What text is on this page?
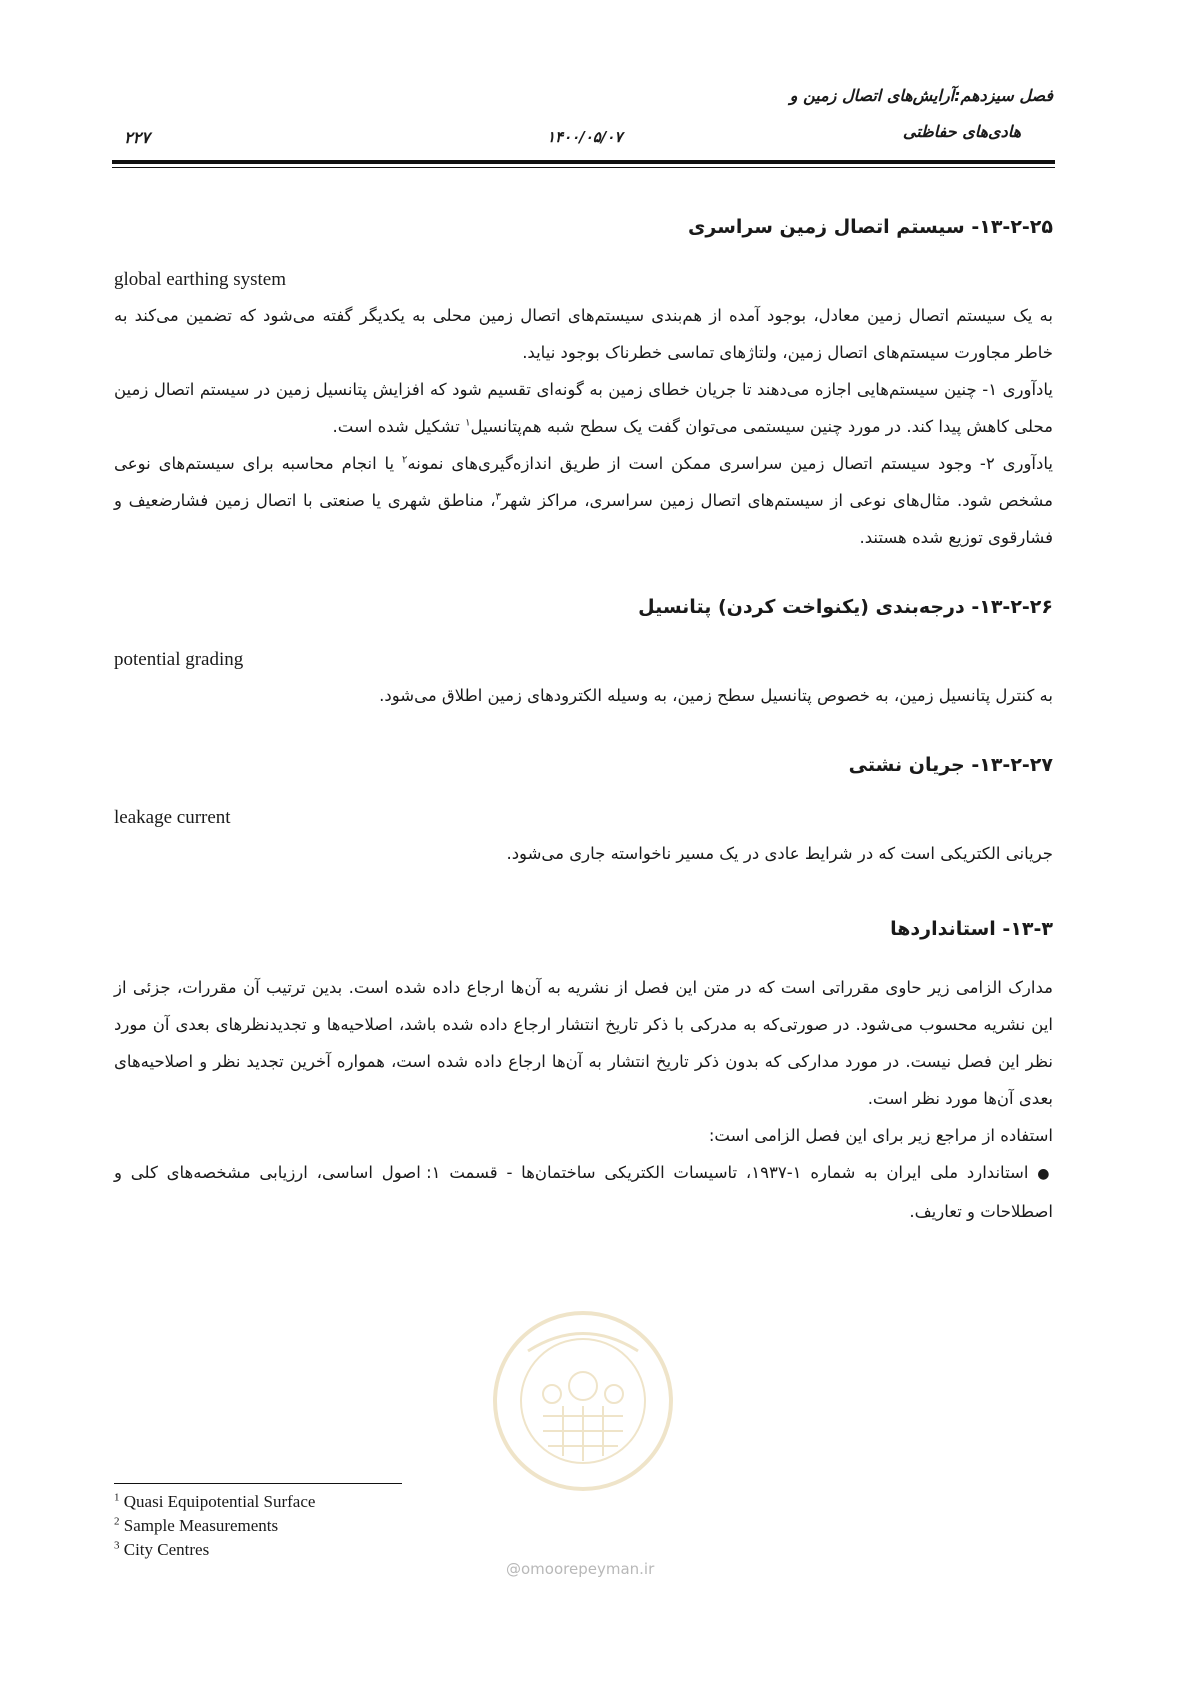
فصل سیزدهم:آرایش‌های اتصال زمین و
هادی‌های حفاظتی
۱۴۰۰/۰۵/۰۷
۲۲۷
۱۳-۲-۲۵- سیستم اتصال زمین سراسری
global earthing system

به یک سیستم اتصال زمین معادل، بوجود آمده از هم‌بندی سیستم‌های اتصال زمین محلی به یکدیگر گفته می‌شود که تضمین می‌کند به خاطر مجاورت سیستم‌های اتصال زمین، ولتاژهای تماسی خطرناک بوجود نیاید.

یادآوری ۱- چنین سیستم‌هایی اجازه می‌دهند تا جریان خطای زمین به گونه‌ای تقسیم شود که افزایش پتانسیل زمین در سیستم اتصال زمین محلی کاهش پیدا کند. در مورد چنین سیستمی می‌توان گفت یک سطح شبه هم‌پتانسیل$^۱$ تشکیل شده است.

یادآوری ۲- وجود سیستم اتصال زمین سراسری ممکن است از طریق اندازه‌گیری‌های نمونه$^۲$ یا انجام محاسبه برای سیستم‌های نوعی مشخص شود. مثال‌های نوعی از سیستم‌های اتصال زمین سراسری، مراکز شهر$^۳$، مناطق شهری یا صنعتی با اتصال زمین فشارضعیف و فشارقوی توزیع شده هستند.

۱۳-۲-۲۶- درجه‌بندی (یکنواخت کردن) پتانسیل
potential grading

به کنترل پتانسیل زمین، به خصوص پتانسیل سطح زمین، به وسیله الکترودهای زمین اطلاق می‌شود.

۱۳-۲-۲۷- جریان نشتی
leakage current

جریانی الکتریکی است که در شرایط عادی در یک مسیر ناخواسته جاری می‌شود.

۱۳-۳- استانداردها

مدارک الزامی زیر حاوی مقرراتی است که در متن این فصل از نشریه به آن‌ها ارجاع داده شده است. بدین ترتیب آن مقررات، جزئی از این نشریه محسوب می‌شود. در صورتی‌که به مدرکی با ذکر تاریخ انتشار ارجاع داده شده باشد، اصلاحیه‌ها و تجدیدنظرهای بعدی آن مورد نظر این فصل نیست. در مورد مدارکی که بدون ذکر تاریخ انتشار به آن‌ها ارجاع داده شده است، همواره آخرین تجدید نظر و اصلاحیه‌های بعدی آن‌ها مورد نظر است.

استفاده از مراجع زیر برای این فصل الزامی است:

● استاندارد ملی ایران به شماره ۱-۱۹۳۷، تاسیسات الکتریکی ساختمان‌ها - قسمت ۱: اصول اساسی، ارزیابی مشخصه‌های کلی و اصطلاحات و تعاریف.

@omoorepeyman.ir
$^1$ Quasi Equipotential Surface
$^2$ Sample Measurements
$^3$ City Centres
